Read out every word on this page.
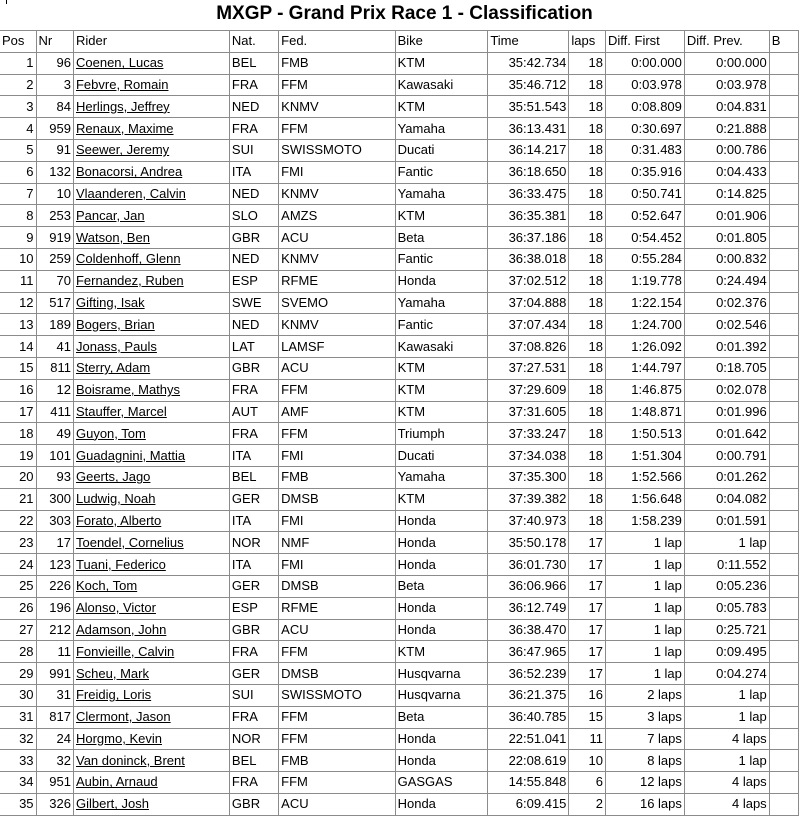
MXGP - Grand Prix Race 1 - Classification
Pos	Nr	Rider	Nat.	Fed.	Bike	Time	laps	Diff. First	Diff. Prev.	B
1	96	Coenen, Lucas	BEL	FMB	KTM	35:42.734	18	0:00.000	0:00.000	
2	3	Febvre, Romain	FRA	FFM	Kawasaki	35:46.712	18	0:03.978	0:03.978	
3	84	Herlings, Jeffrey	NED	KNMV	KTM	35:51.543	18	0:08.809	0:04.831	
4	959	Renaux, Maxime	FRA	FFM	Yamaha	36:13.431	18	0:30.697	0:21.888	
5	91	Seewer, Jeremy	SUI	SWISSMOTO	Ducati	36:14.217	18	0:31.483	0:00.786	
6	132	Bonacorsi, Andrea	ITA	FMI	Fantic	36:18.650	18	0:35.916	0:04.433	
7	10	Vlaanderen, Calvin	NED	KNMV	Yamaha	36:33.475	18	0:50.741	0:14.825	
8	253	Pancar, Jan	SLO	AMZS	KTM	36:35.381	18	0:52.647	0:01.906	
9	919	Watson, Ben	GBR	ACU	Beta	36:37.186	18	0:54.452	0:01.805	
10	259	Coldenhoff, Glenn	NED	KNMV	Fantic	36:38.018	18	0:55.284	0:00.832	
11	70	Fernandez, Ruben	ESP	RFME	Honda	37:02.512	18	1:19.778	0:24.494	
12	517	Gifting, Isak	SWE	SVEMO	Yamaha	37:04.888	18	1:22.154	0:02.376	
13	189	Bogers, Brian	NED	KNMV	Fantic	37:07.434	18	1:24.700	0:02.546	
14	41	Jonass, Pauls	LAT	LAMSF	Kawasaki	37:08.826	18	1:26.092	0:01.392	
15	811	Sterry, Adam	GBR	ACU	KTM	37:27.531	18	1:44.797	0:18.705	
16	12	Boisrame, Mathys	FRA	FFM	KTM	37:29.609	18	1:46.875	0:02.078	
17	411	Stauffer, Marcel	AUT	AMF	KTM	37:31.605	18	1:48.871	0:01.996	
18	49	Guyon, Tom	FRA	FFM	Triumph	37:33.247	18	1:50.513	0:01.642	
19	101	Guadagnini, Mattia	ITA	FMI	Ducati	37:34.038	18	1:51.304	0:00.791	
20	93	Geerts, Jago	BEL	FMB	Yamaha	37:35.300	18	1:52.566	0:01.262	
21	300	Ludwig, Noah	GER	DMSB	KTM	37:39.382	18	1:56.648	0:04.082	
22	303	Forato, Alberto	ITA	FMI	Honda	37:40.973	18	1:58.239	0:01.591	
23	17	Toendel, Cornelius	NOR	NMF	Honda	35:50.178	17	1 lap	1 lap	
24	123	Tuani, Federico	ITA	FMI	Honda	36:01.730	17	1 lap	0:11.552	
25	226	Koch, Tom	GER	DMSB	Beta	36:06.966	17	1 lap	0:05.236	
26	196	Alonso, Victor	ESP	RFME	Honda	36:12.749	17	1 lap	0:05.783	
27	212	Adamson, John	GBR	ACU	Honda	36:38.470	17	1 lap	0:25.721	
28	11	Fonvieille, Calvin	FRA	FFM	KTM	36:47.965	17	1 lap	0:09.495	
29	991	Scheu, Mark	GER	DMSB	Husqvarna	36:52.239	17	1 lap	0:04.274	
30	31	Freidig, Loris	SUI	SWISSMOTO	Husqvarna	36:21.375	16	2 laps	1 lap	
31	817	Clermont, Jason	FRA	FFM	Beta	36:40.785	15	3 laps	1 lap	
32	24	Horgmo, Kevin	NOR	FFM	Honda	22:51.041	11	7 laps	4 laps	
33	32	Van doninck, Brent	BEL	FMB	Honda	22:08.619	10	8 laps	1 lap	
34	951	Aubin, Arnaud	FRA	FFM	GASGAS	14:55.848	6	12 laps	4 laps	
35	326	Gilbert, Josh	GBR	ACU	Honda	6:09.415	2	16 laps	4 laps	
